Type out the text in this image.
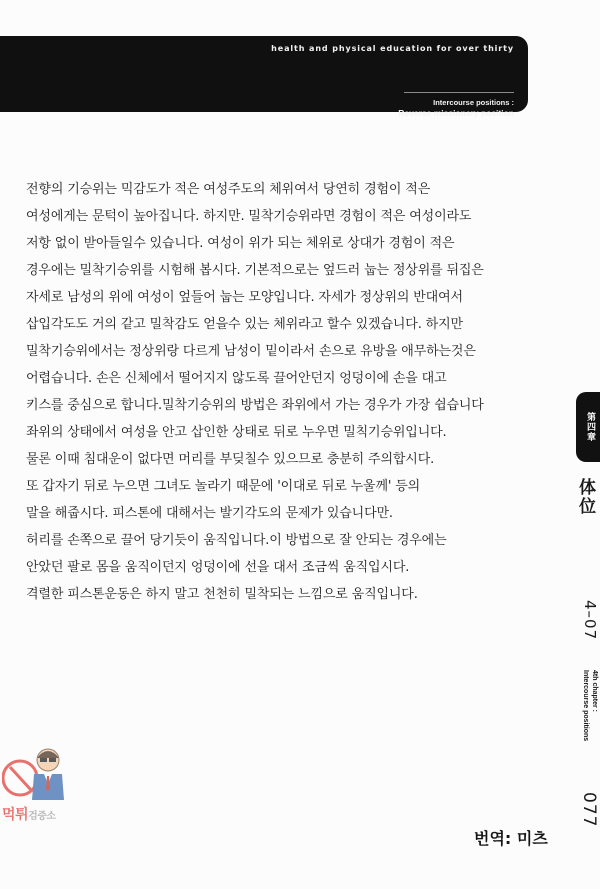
health and physical education for over thirty
Intercourse positions :
Reverse missionary position
전향의 기승위는 믹감도가 적은 여성주도의 체위여서 당연히 경험이 적은
여성에게는 문턱이 높아집니다. 하지만. 밀착기승위라면 경험이 적은 여성이라도
저항 없이 받아들일수 있습니다. 여성이 위가 되는 체위로 상대가 경험이 적은
경우에는 밀착기승위를 시험해 봅시다. 기본적으로는 엎드러 눕는 정상위를 뒤집은
자세로 남성의 위에 여성이 엎들어 눕는 모양입니다. 자세가 정상위의 반대여서
삽입각도도 거의 같고 밀착감도 얻을수 있는 체위라고 할수 있겠습니다. 하지만
밀착기승위에서는 정상위랑 다르게 남성이 밑이라서 손으로 유방을 애무하는것은
어렵습니다. 손은 신체에서 떨어지지 않도록 끌어안던지 엉덩이에 손을 대고
키스를 중심으로 합니다.밀착기승위의 방법은 좌위에서 가는 경우가 가장 쉽습니다
좌위의 상태에서 여성을 안고 삽인한 상태로 뒤로 누우면 밀칙기승위입니다.
물론 이때 침대운이 없다면 머리를 부딪칠수 있으므로 충분히 주의합시다.
또 갑자기 뒤로 누으면 그녀도 놀라기 때문에 '이대로 뒤로 누울께' 등의
말을 해줍시다. 피스톤에 대해서는 발기각도의 문제가 있습니다만.
허리를 손쪽으로 끌어 당기듯이 움직입니다.이 방법으로 잘 안되는 경우에는
안았던 팔로 몸을 움직이던지 엉덩이에 선을 대서 조금씩 움직입시다.
격렬한 피스톤운동은 하지 말고 천천히 밀착되는 느낌으로 움직입니다.
第四章
体位
4–07
4th chapter :
Intercourse positions
077
번역: 미츠
먹튀검증소
